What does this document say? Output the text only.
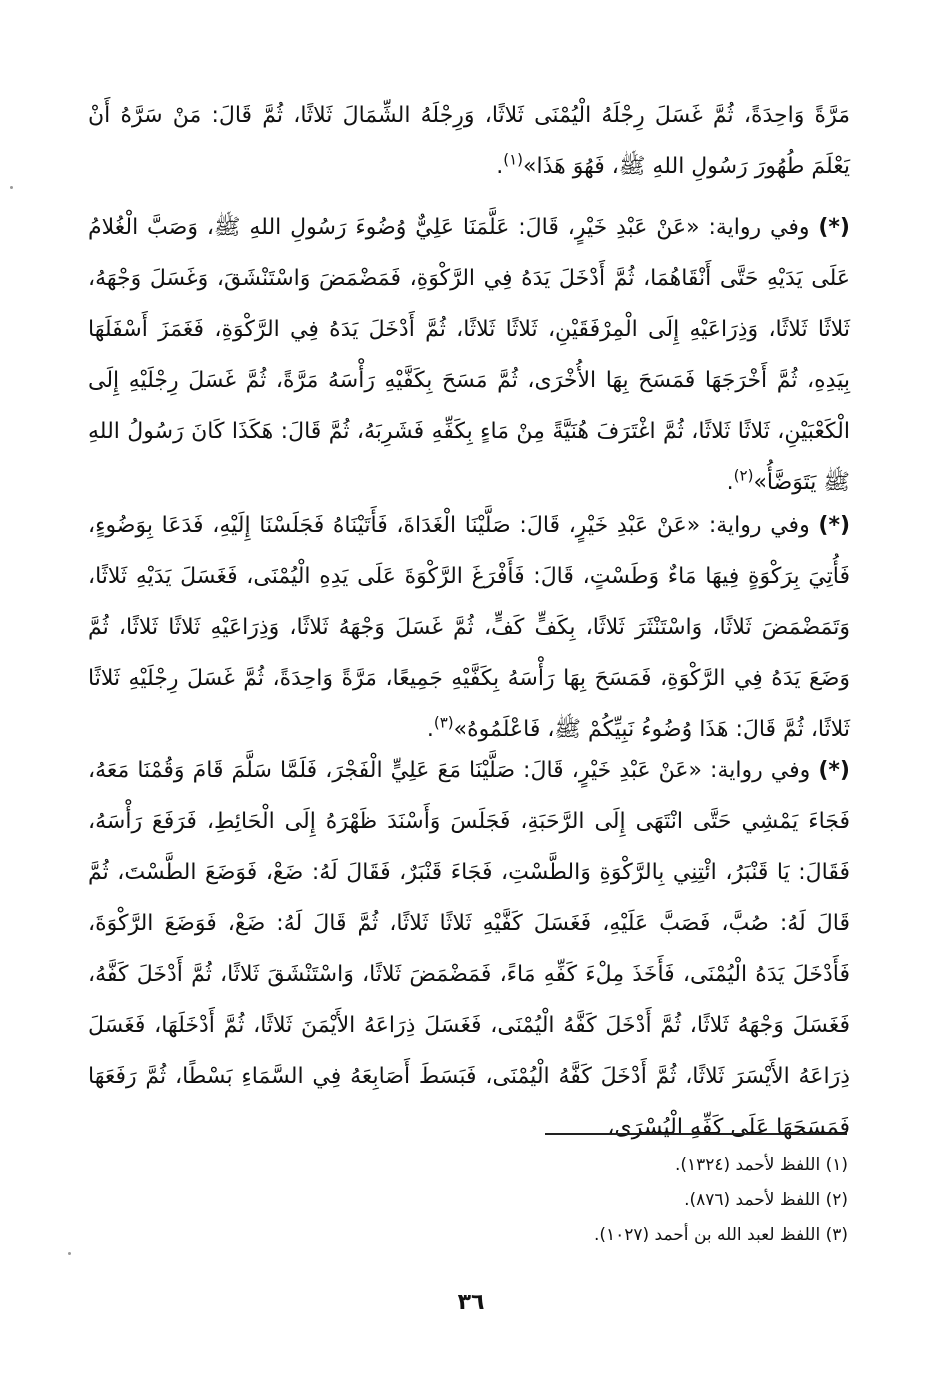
مَرَّةً وَاحِدَةً، ثُمَّ غَسَلَ رِجْلَهُ الْيُمْنَى ثَلاثًا، وَرِجْلَهُ الشِّمَالَ ثَلاثًا، ثُمَّ قَالَ: مَنْ سَرَّهُ أَنْ يَعْلَمَ طُهُورَ رَسُولِ اللهِ ﷺ، فَهُوَ هَذَا»$^{(١)}$.

(*) وفي رواية: «عَنْ عَبْدِ خَيْرٍ، قَالَ: عَلَّمَنَا عَلِيٌّ وُضُوءَ رَسُولِ اللهِ ﷺ، وَصَبَّ الْغُلامُ عَلَى يَدَيْهِ حَتَّى أَنْقَاهُمَا، ثُمَّ أَدْخَلَ يَدَهُ فِي الرَّكْوَةِ، فَمَضْمَضَ وَاسْتَنْشَقَ، وَغَسَلَ وَجْهَهُ، ثَلاثًا ثَلاثًا، وَذِرَاعَيْهِ إِلَى الْمِرْفَقَيْنِ، ثَلاثًا ثَلاثًا، ثُمَّ أَدْخَلَ يَدَهُ فِي الرَّكْوَةِ، فَغَمَزَ أَسْفَلَهَا بِيَدِهِ، ثُمَّ أَخْرَجَهَا فَمَسَحَ بِهَا الأُخْرَى، ثُمَّ مَسَحَ بِكَفَّيْهِ رَأْسَهُ مَرَّةً، ثُمَّ غَسَلَ رِجْلَيْهِ إِلَى الْكَعْبَيْنِ، ثَلاثًا ثَلاثًا، ثُمَّ اغْتَرَفَ هُنَيَّةً مِنْ مَاءٍ بِكَفِّهِ فَشَرِبَهُ، ثُمَّ قَالَ: هَكَذَا كَانَ رَسُولُ اللهِ ﷺ يَتَوَضَّأُ»$^{(٢)}$.

(*) وفي رواية: «عَنْ عَبْدِ خَيْرٍ، قَالَ: صَلَّيْنَا الْغَدَاةَ، فَأَتَيْنَاهُ فَجَلَسْنَا إِلَيْهِ، فَدَعَا بِوَضُوءٍ، فَأُتِيَ بِرَكْوَةٍ فِيهَا مَاءٌ وَطَسْتٍ، قَالَ: فَأَفْرَغَ الرَّكْوَةَ عَلَى يَدِهِ الْيُمْنَى، فَغَسَلَ يَدَيْهِ ثَلاثًا، وَتَمَضْمَضَ ثَلاثًا، وَاسْتَنْثَرَ ثَلاثًا، بِكَفٍّ كَفٍّ، ثُمَّ غَسَلَ وَجْهَهُ ثَلاثًا، وَذِرَاعَيْهِ ثَلاثًا ثَلاثًا، ثُمَّ وَضَعَ يَدَهُ فِي الرَّكْوَةِ، فَمَسَحَ بِهَا رَأْسَهُ بِكَفَّيْهِ جَمِيعًا، مَرَّةً وَاحِدَةً، ثُمَّ غَسَلَ رِجْلَيْهِ ثَلاثًا ثَلاثًا، ثُمَّ قَالَ: هَذَا وُضُوءُ نَبِيِّكُمْ ﷺ، فَاعْلَمُوهُ»$^{(٣)}$.

(*) وفي رواية: «عَنْ عَبْدِ خَيْرٍ، قَالَ: صَلَّيْنَا مَعَ عَلِيٍّ الْفَجْرَ، فَلَمَّا سَلَّمَ قَامَ وَقُمْنَا مَعَهُ، فَجَاءَ يَمْشِي حَتَّى انْتَهَى إِلَى الرَّحَبَةِ، فَجَلَسَ وَأَسْنَدَ ظَهْرَهُ إِلَى الْحَائِطِ، فَرَفَعَ رَأْسَهُ، فَقَالَ: يَا قَنْبَرُ، ائْتِنِي بِالرَّكْوَةِ وَالطَّسْتِ، فَجَاءَ قَنْبَرٌ، فَقَالَ لَهُ: ضَعْ، فَوَضَعَ الطَّسْتَ، ثُمَّ قَالَ لَهُ: صُبَّ، فَصَبَّ عَلَيْهِ، فَغَسَلَ كَفَّيْهِ ثَلاثًا ثَلاثًا، ثُمَّ قَالَ لَهُ: ضَعْ، فَوَضَعَ الرَّكْوَةَ، فَأَدْخَلَ يَدَهُ الْيُمْنَى، فَأَخَذَ مِلْءَ كَفِّهِ مَاءً، فَمَضْمَضَ ثَلاثًا، وَاسْتَنْشَقَ ثَلاثًا، ثُمَّ أَدْخَلَ كَفَّهُ، فَغَسَلَ وَجْهَهُ ثَلاثًا، ثُمَّ أَدْخَلَ كَفَّهُ الْيُمْنَى، فَغَسَلَ ذِرَاعَهُ الأَيْمَنَ ثَلاثًا، ثُمَّ أَدْخَلَهَا، فَغَسَلَ ذِرَاعَهُ الأَيْسَرَ ثَلاثًا، ثُمَّ أَدْخَلَ كَفَّهُ الْيُمْنَى، فَبَسَطَ أَصَابِعَهُ فِي السَّمَاءِ بَسْطًا، ثُمَّ رَفَعَهَا فَمَسَحَهَا عَلَى كَفِّهِ الْيُسْرَى،

(١) اللفظ لأحمد (١٣٢٤).

(٢) اللفظ لأحمد (٨٧٦).

(٣) اللفظ لعبد الله بن أحمد (١٠٢٧).

٣٦
